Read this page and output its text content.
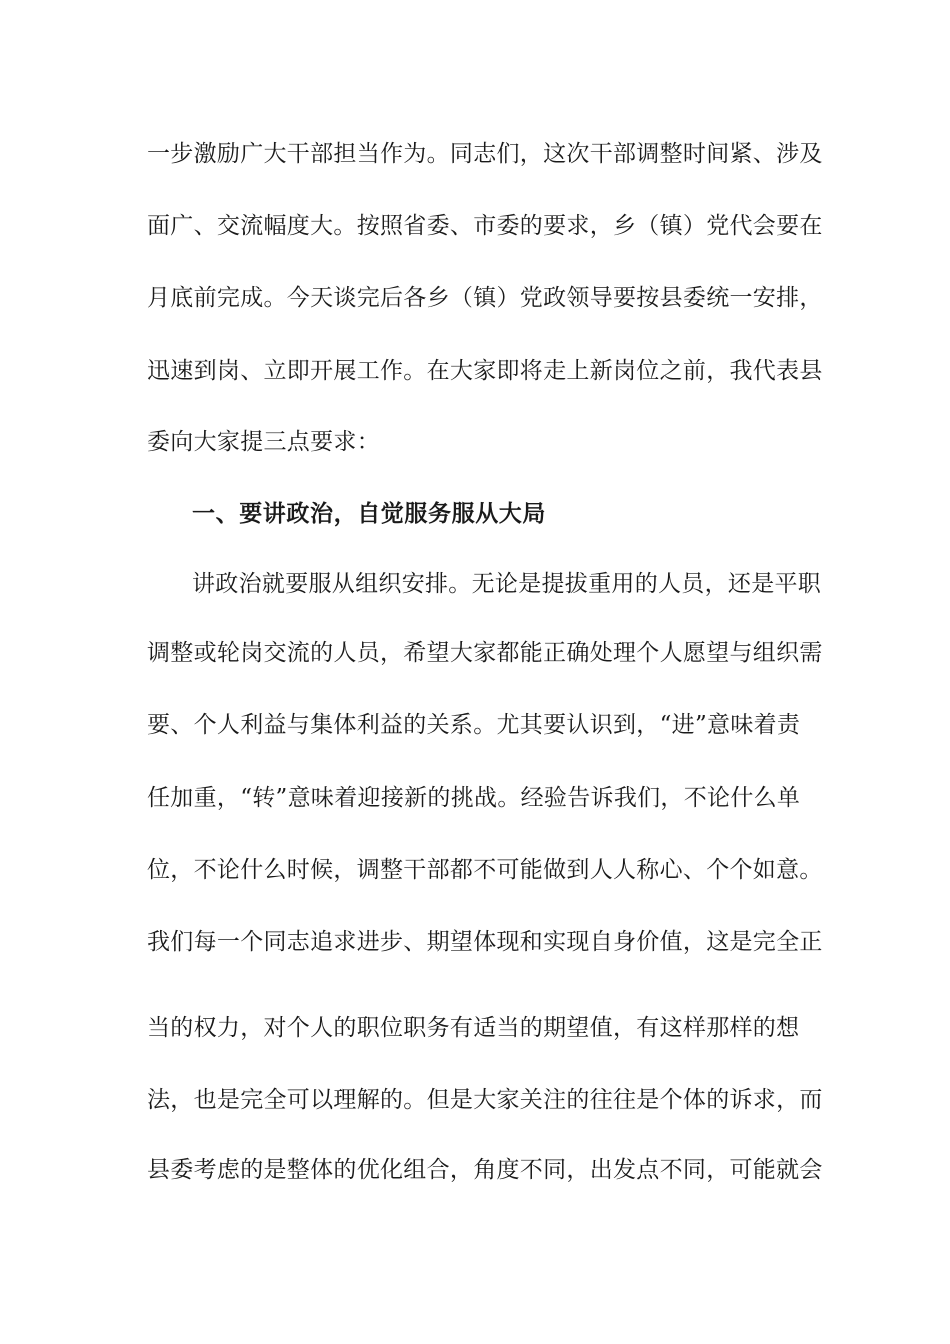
一步激励广大干部担当作为。同志们，这次干部调整时间紧、涉及
面广、交流幅度大。按照省委、市委的要求，乡（镇）党代会要在
月底前完成。今天谈完后各乡（镇）党政领导要按县委统一安排，
迅速到岗、立即开展工作。在大家即将走上新岗位之前，我代表县
委向大家提三点要求：
一、要讲政治，自觉服务服从大局
讲政治就要服从组织安排。无论是提拔重用的人员，还是平职
调整或轮岗交流的人员，希望大家都能正确处理个人愿望与组织需
要、个人利益与集体利益的关系。尤其要认识到，“进”意味着责
任加重，“转”意味着迎接新的挑战。经验告诉我们，不论什么单
位，不论什么时候，调整干部都不可能做到人人称心、个个如意。
我们每一个同志追求进步、期望体现和实现自身价值，这是完全正
当的权力，对个人的职位职务有适当的期望值，有这样那样的想
法，也是完全可以理解的。但是大家关注的往往是个体的诉求，而
县委考虑的是整体的优化组合，角度不同，出发点不同，可能就会
